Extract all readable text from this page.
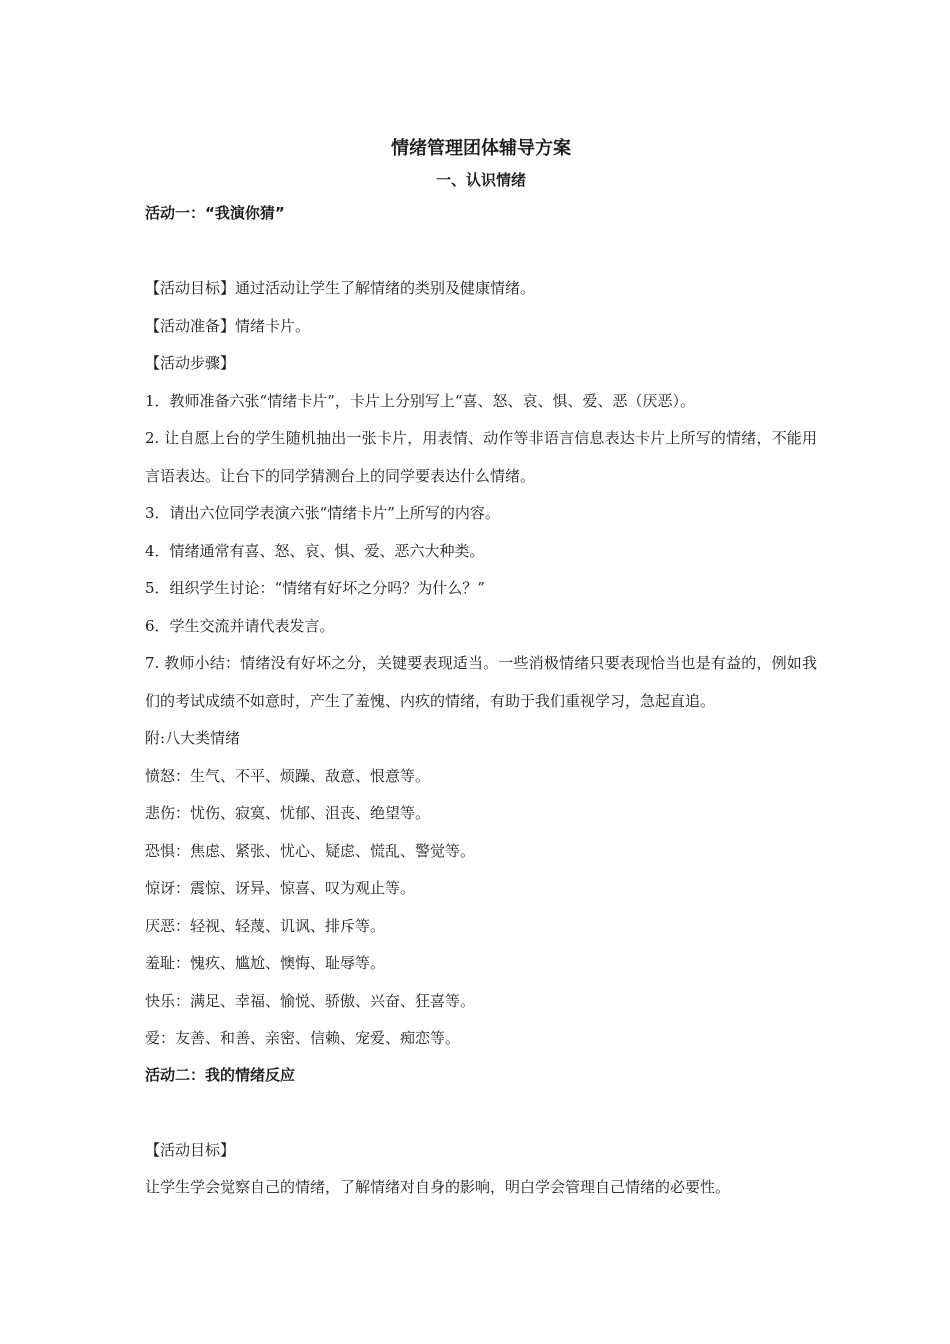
情绪管理团体辅导方案
一、认识情绪
活动一：“我演你猜”
【活动目标】通过活动让学生了解情绪的类别及健康情绪。
【活动准备】情绪卡片。
【活动步骤】
1．教师准备六张“情绪卡片”，卡片上分别写上“喜、怒、哀、惧、爱、恶（厌恶）。
2. 让自愿上台的学生随机抽出一张卡片，用表情、动作等非语言信息表达卡片上所写的情绪，不能用言语表达。让台下的同学猜测台上的同学要表达什么情绪。
3．请出六位同学表演六张“情绪卡片”上所写的内容。
4．情绪通常有喜、怒、哀、惧、爱、恶六大种类。
5．组织学生讨论：“情绪有好坏之分吗？为什么？”
6．学生交流并请代表发言。
7. 教师小结：情绪没有好坏之分，关键要表现适当。一些消极情绪只要表现恰当也是有益的，例如我们的考试成绩不如意时，产生了羞愧、内疚的情绪，有助于我们重视学习，急起直追。
附:八大类情绪
愤怒：生气、不平、烦躁、敌意、恨意等。
悲伤：忧伤、寂寞、忧郁、沮丧、绝望等。
恐惧：焦虑、紧张、忧心、疑虑、慌乱、警觉等。
惊讶：震惊、讶异、惊喜、叹为观止等。
厌恶：轻视、轻蔑、讥讽、排斥等。
羞耻：愧疚、尴尬、懊悔、耻辱等。
快乐：满足、幸福、愉悦、骄傲、兴奋、狂喜等。
爱：友善、和善、亲密、信赖、宠爱、痴恋等。
活动二：我的情绪反应
【活动目标】
让学生学会觉察自己的情绪，了解情绪对自身的影响，明白学会管理自己情绪的必要性。
